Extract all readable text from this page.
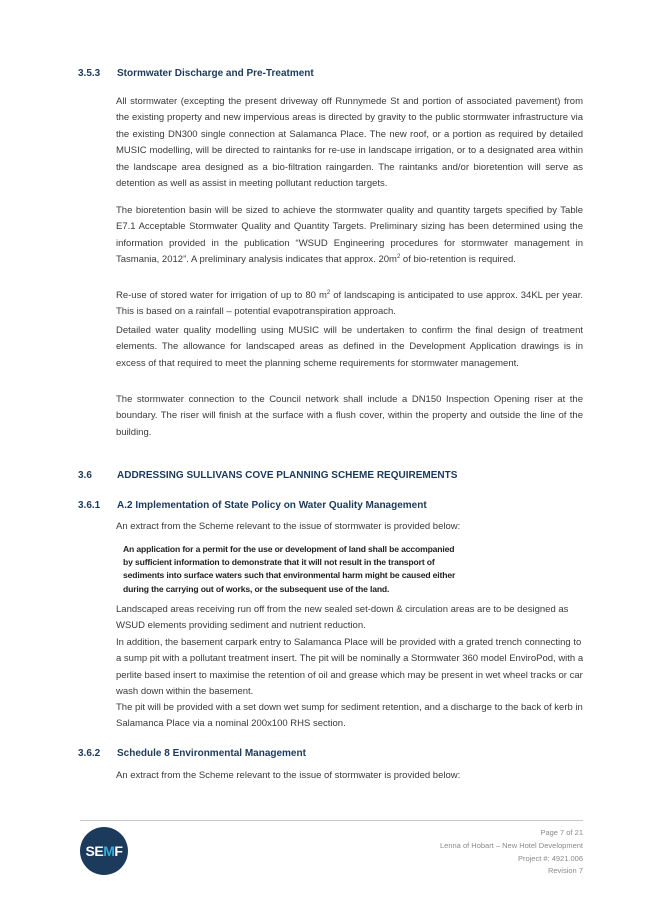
3.5.3 Stormwater Discharge and Pre-Treatment

All stormwater (excepting the present driveway off Runnymede St and portion of associated pavement) from the existing property and new impervious areas is directed by gravity to the public stormwater infrastructure via the existing DN300 single connection at Salamanca Place. The new roof, or a portion as required by detailed MUSIC modelling, will be directed to raintanks for re-use in landscape irrigation, or to a designated area within the landscape area designed as a bio-filtration raingarden. The raintanks and/or bioretention will serve as detention as well as assist in meeting pollutant reduction targets.

The bioretention basin will be sized to achieve the stormwater quality and quantity targets specified by Table E7.1 Acceptable Stormwater Quality and Quantity Targets. Preliminary sizing has been determined using the information provided in the publication “WSUD Engineering procedures for stormwater management in Tasmania, 2012”. A preliminary analysis indicates that approx. $20m^2$ of bio-retention is required.

Re-use of stored water for irrigation of up to 80 $m^2$ of landscaping is anticipated to use approx. 34KL per year. This is based on a rainfall – potential evapotranspiration approach.

Detailed water quality modelling using MUSIC will be undertaken to confirm the final design of treatment elements. The allowance for landscaped areas as defined in the Development Application drawings is in excess of that required to meet the planning scheme requirements for stormwater management.

The stormwater connection to the Council network shall include a DN150 Inspection Opening riser at the boundary. The riser will finish at the surface with a flush cover, within the property and outside the line of the building.

3.6	ADDRESSING SULLIVANS COVE PLANNING SCHEME REQUIREMENTS
3.6.1 A.2 Implementation of State Policy on Water Quality Management
An extract from the Scheme relevant to the issue of stormwater is provided below:
An application for a permit for the use or development of land shall be accompanied
by sufficient information to demonstrate that it will not result in the transport of
sediments into surface waters such that environmental harm might be caused either
during the carrying out of works, or the subsequent use of the land.

Landscaped areas receiving run off from the new sealed set-down & circulation areas are to be designed as WSUD elements providing sediment and nutrient reduction.

In addition, the basement carpark entry to Salamanca Place will be provided with a grated trench connecting to a sump pit with a pollutant treatment insert. The pit will be nominally a Stormwater 360 model EnviroPod, with a perlite based insert to maximise the retention of oil and grease which may be present in wet wheel tracks or car wash down within the basement.

The pit will be provided with a set down wet sump for sediment retention, and a discharge to the back of kerb in Salamanca Place via a nominal 200x100 RHS section.

3.6.2 Schedule 8 Environmental Management
An extract from the Scheme relevant to the issue of stormwater is provided below:
SE M F
Page 7 of 21
Lenna of Hobart – New Hotel Development
Project #: 4921.006
Revision 7
